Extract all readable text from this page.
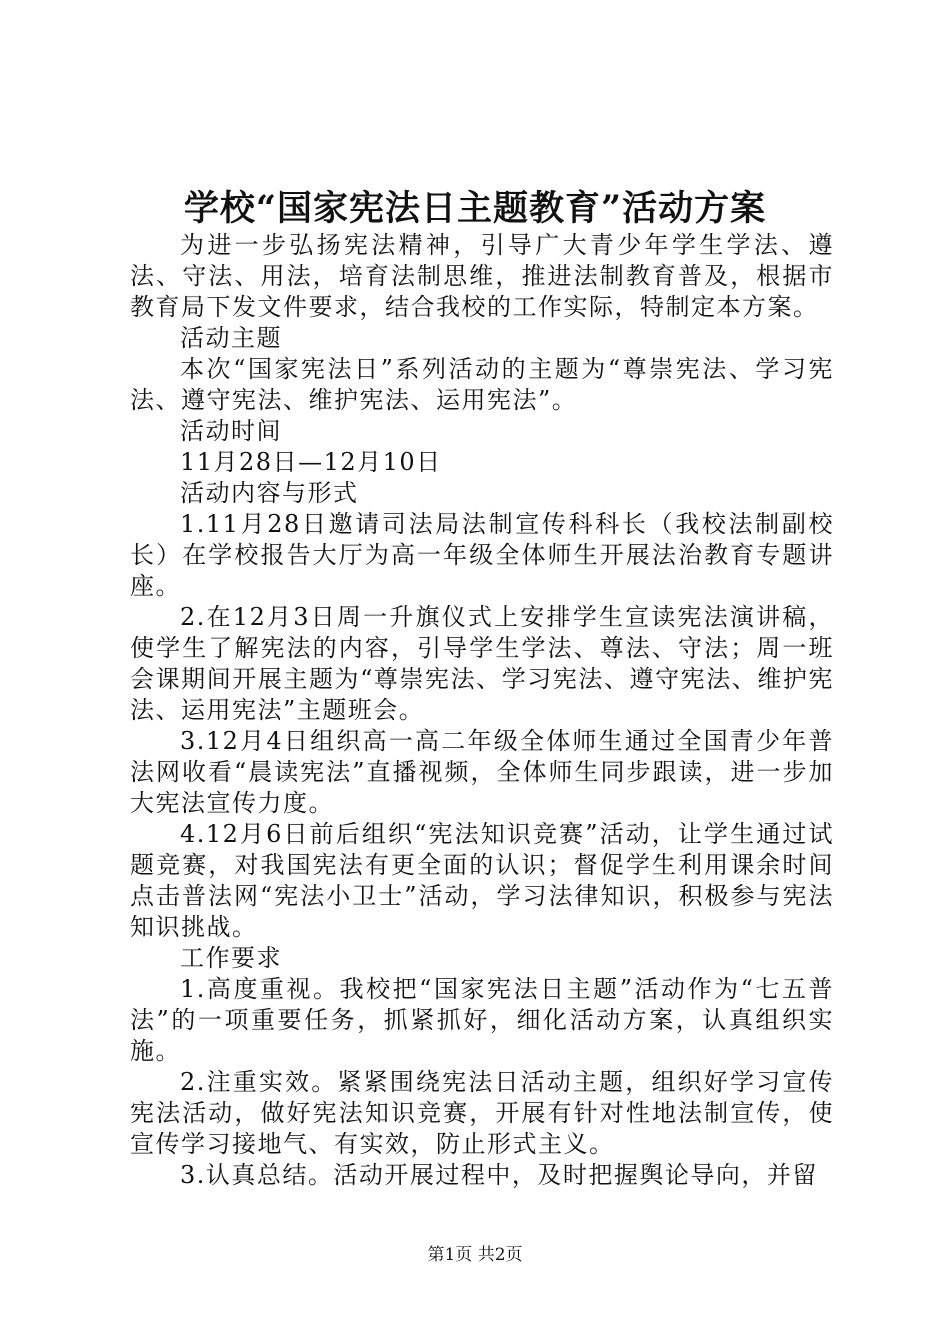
学校“国家宪法日主题教育”活动方案

为进一步弘扬宪法精神，引导广大青少年学生学法、遵法、守法、用法，培育法制思维，推进法制教育普及，根据市教育局下发文件要求，结合我校的工作实际，特制定本方案。

活动主题

本次“国家宪法日”系列活动的主题为“尊崇宪法、学习宪法、遵守宪法、维护宪法、运用宪法”。

活动时间

11月28日—12月10日

活动内容与形式

1.11月28日邀请司法局法制宣传科科长（我校法制副校长）在学校报告大厅为高一年级全体师生开展法治教育专题讲座。

2.在12月3日周一升旗仪式上安排学生宣读宪法演讲稿，使学生了解宪法的内容，引导学生学法、尊法、守法；周一班会课期间开展主题为“尊崇宪法、学习宪法、遵守宪法、维护宪法、运用宪法”主题班会。

3.12月4日组织高一高二年级全体师生通过全国青少年普法网收看“晨读宪法”直播视频，全体师生同步跟读，进一步加大宪法宣传力度。

4.12月6日前后组织“宪法知识竞赛”活动，让学生通过试题竞赛，对我国宪法有更全面的认识；督促学生利用课余时间点击普法网“宪法小卫士”活动，学习法律知识，积极参与宪法知识挑战。

工作要求

1.高度重视。我校把“国家宪法日主题”活动作为“七五普法”的一项重要任务，抓紧抓好，细化活动方案，认真组织实施。

2.注重实效。紧紧围绕宪法日活动主题，组织好学习宣传宪法活动，做好宪法知识竞赛，开展有针对性地法制宣传，使宣传学习接地气、有实效，防止形式主义。

3.认真总结。活动开展过程中，及时把握舆论导向，并留

第1页 共2页
